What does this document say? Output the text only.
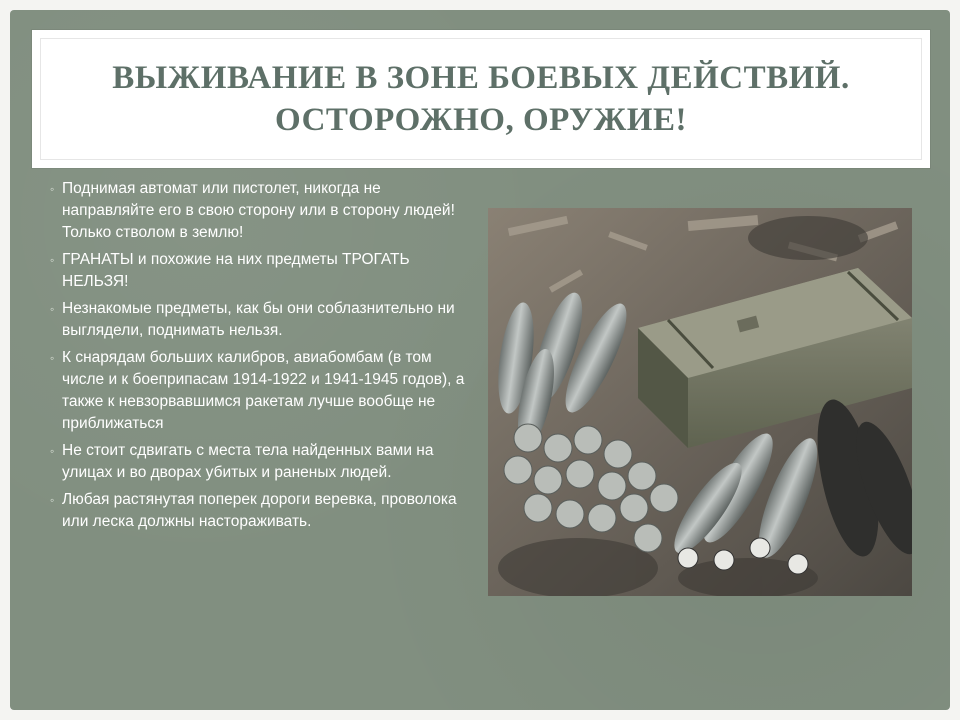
ВЫЖИВАНИЕ В ЗОНЕ БОЕВЫХ ДЕЙСТВИЙ.
ОСТОРОЖНО, ОРУЖИЕ!
◦ Поднимая автомат или пистолет, никогда не направляйте его в свою сторону или в сторону людей! Только стволом в землю!
◦ ГРАНАТЫ и похожие на них предметы ТРОГАТЬ НЕЛЬЗЯ!
◦ Незнакомые предметы, как бы они соблазнительно ни выглядели, поднимать нельзя.
◦ К снарядам больших калибров, авиабомбам (в том числе и к боеприпасам 1914-1922 и 1941-1945 годов), а также к невзорвавшимся ракетам лучше вообще не приближаться
◦ Не стоит сдвигать с места тела найденных вами на улицах и во дворах убитых и раненых людей.
◦ Любая растянутая поперек дороги веревка, проволока или леска должны настораживать.
